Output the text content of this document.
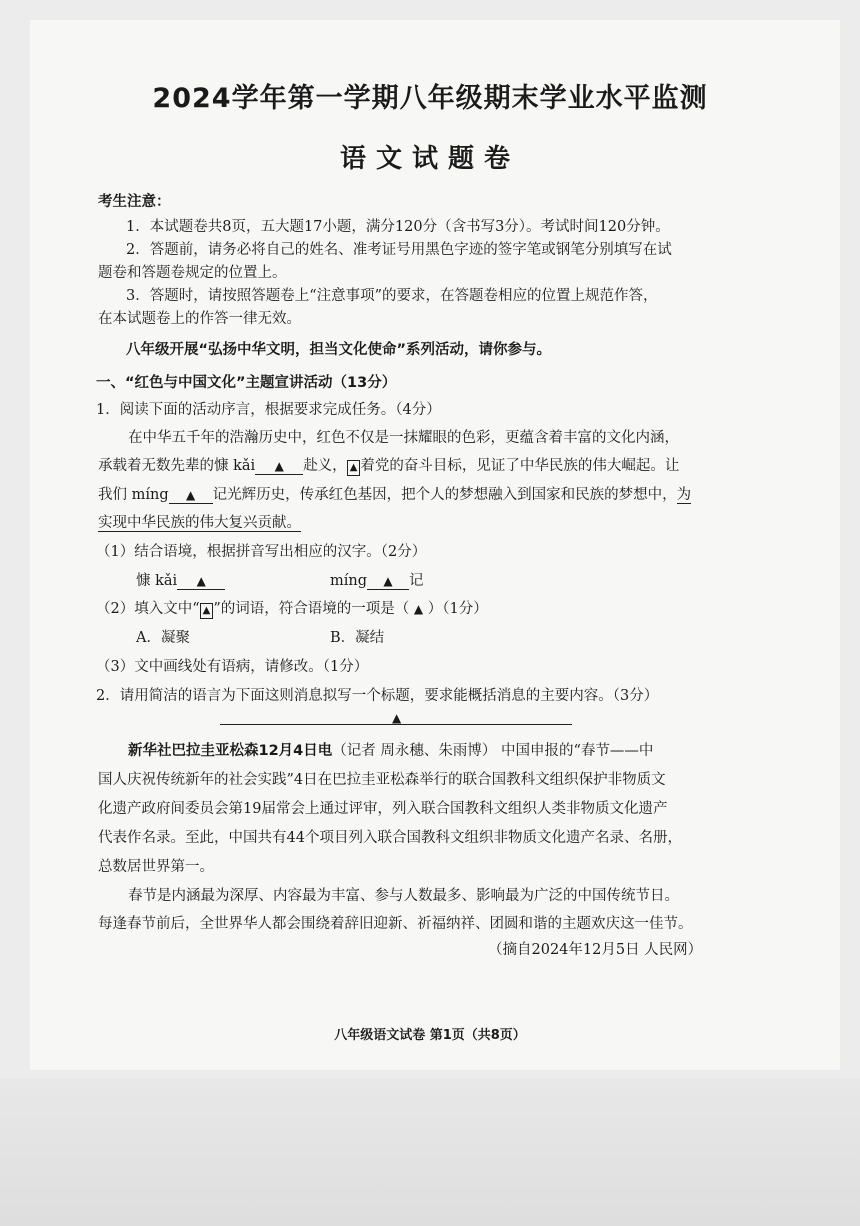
2024学年第一学期八年级期末学业水平监测
语文试题卷
考生注意：
1．本试题卷共8页，五大题17小题，满分120分（含书写3分）。考试时间120分钟。
2．答题前，请务必将自己的姓名、准考证号用黑色字迹的签字笔或钢笔分别填写在试
题卷和答题卷规定的位置上。
3．答题时，请按照答题卷上“注意事项”的要求，在答题卷相应的位置上规范作答，
在本试题卷上的作答一律无效。
八年级开展“弘扬中华文明，担当文化使命”系列活动，请你参与。
一、“红色与中国文化”主题宣讲活动（13分）
1．阅读下面的活动序言，根据要求完成任务。（4分）
在中华五千年的浩瀚历史中，红色不仅是一抹耀眼的色彩，更蕴含着丰富的文化内涵，
承载着无数先辈的慷 kǎi ▲ 赴义， ▲ 着党的奋斗目标，见证了中华民族的伟大崛起。让
我们 míng ▲ 记光辉历史，传承红色基因，把个人的梦想融入到国家和民族的梦想中，为
实现中华民族的伟大复兴贡献。
（1）结合语境，根据拼音写出相应的汉字。（2分）
慷 kǎi ▲	míng ▲ 记
（2）填入文中“ ▲ ”的词语，符合语境的一项是（ ▲ ）（1分）
A．凝聚	B．凝结
（3）文中画线处有语病，请修改。（1分）
2．请用简洁的语言为下面这则消息拟写一个标题，要求能概括消息的主要内容。（3分）
▲
新华社巴拉圭亚松森12月4日电（记者 周永穗、朱雨博） 中国申报的“春节——中
国人庆祝传统新年的社会实践”4日在巴拉圭亚松森举行的联合国教科文组织保护非物质文
化遗产政府间委员会第19届常会上通过评审，列入联合国教科文组织人类非物质文化遗产
代表作名录。至此，中国共有44个项目列入联合国教科文组织非物质文化遗产名录、名册，
总数居世界第一。
春节是内涵最为深厚、内容最为丰富、参与人数最多、影响最为广泛的中国传统节日。
每逢春节前后，全世界华人都会围绕着辞旧迎新、祈福纳祥、团圆和谐的主题欢庆这一佳节。
（摘自2024年12月5日 人民网）
八年级语文试卷 第1页（共8页）
